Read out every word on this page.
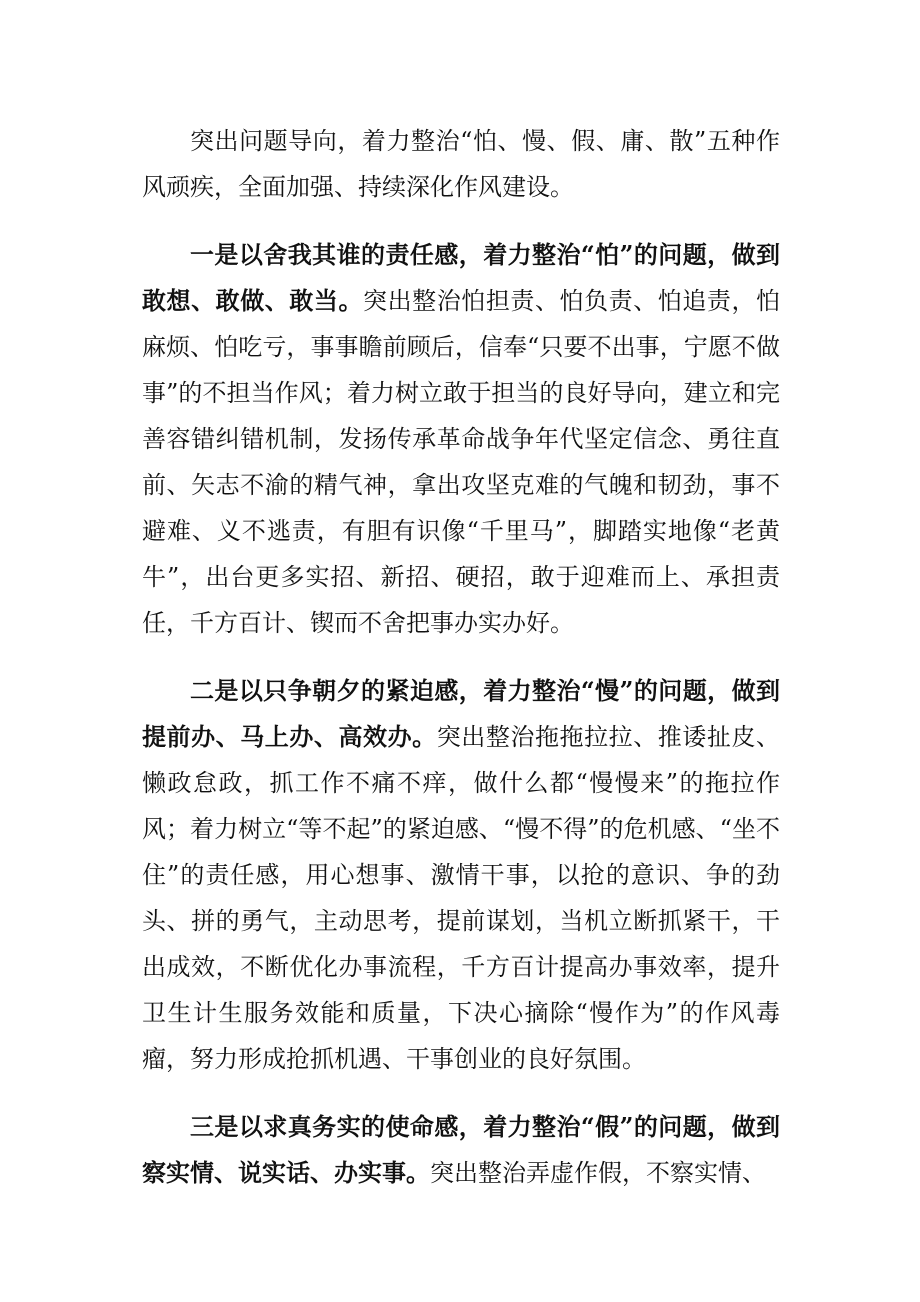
突出问题导向，着力整治“怕、慢、假、庸、散”五种作风顽疾，全面加强、持续深化作风建设。

一是以舍我其谁的责任感，着力整治“怕”的问题，做到敢想、敢做、敢当。突出整治怕担责、怕负责、怕追责，怕麻烦、怕吃亏，事事瞻前顾后，信奉“只要不出事，宁愿不做事”的不担当作风；着力树立敢于担当的良好导向，建立和完善容错纠错机制，发扬传承革命战争年代坚定信念、勇往直前、矢志不渝的精气神，拿出攻坚克难的气魄和韧劲，事不避难、义不逃责，有胆有识像“千里马”，脚踏实地像“老黄牛”，出台更多实招、新招、硬招，敢于迎难而上、承担责任，千方百计、锲而不舍把事办实办好。

二是以只争朝夕的紧迫感，着力整治“慢”的问题，做到提前办、马上办、高效办。突出整治拖拖拉拉、推诿扯皮、懒政怠政，抓工作不痛不痒，做什么都“慢慢来”的拖拉作风；着力树立“等不起”的紧迫感、“慢不得”的危机感、“坐不住”的责任感，用心想事、激情干事，以抢的意识、争的劲头、拼的勇气，主动思考，提前谋划，当机立断抓紧干，干出成效，不断优化办事流程，千方百计提高办事效率，提升卫生计生服务效能和质量，下决心摘除“慢作为”的作风毒瘤，努力形成抢抓机遇、干事创业的良好氛围。

三是以求真务实的使命感，着力整治“假”的问题，做到察实情、说实话、办实事。突出整治弄虚作假，不察实情、
